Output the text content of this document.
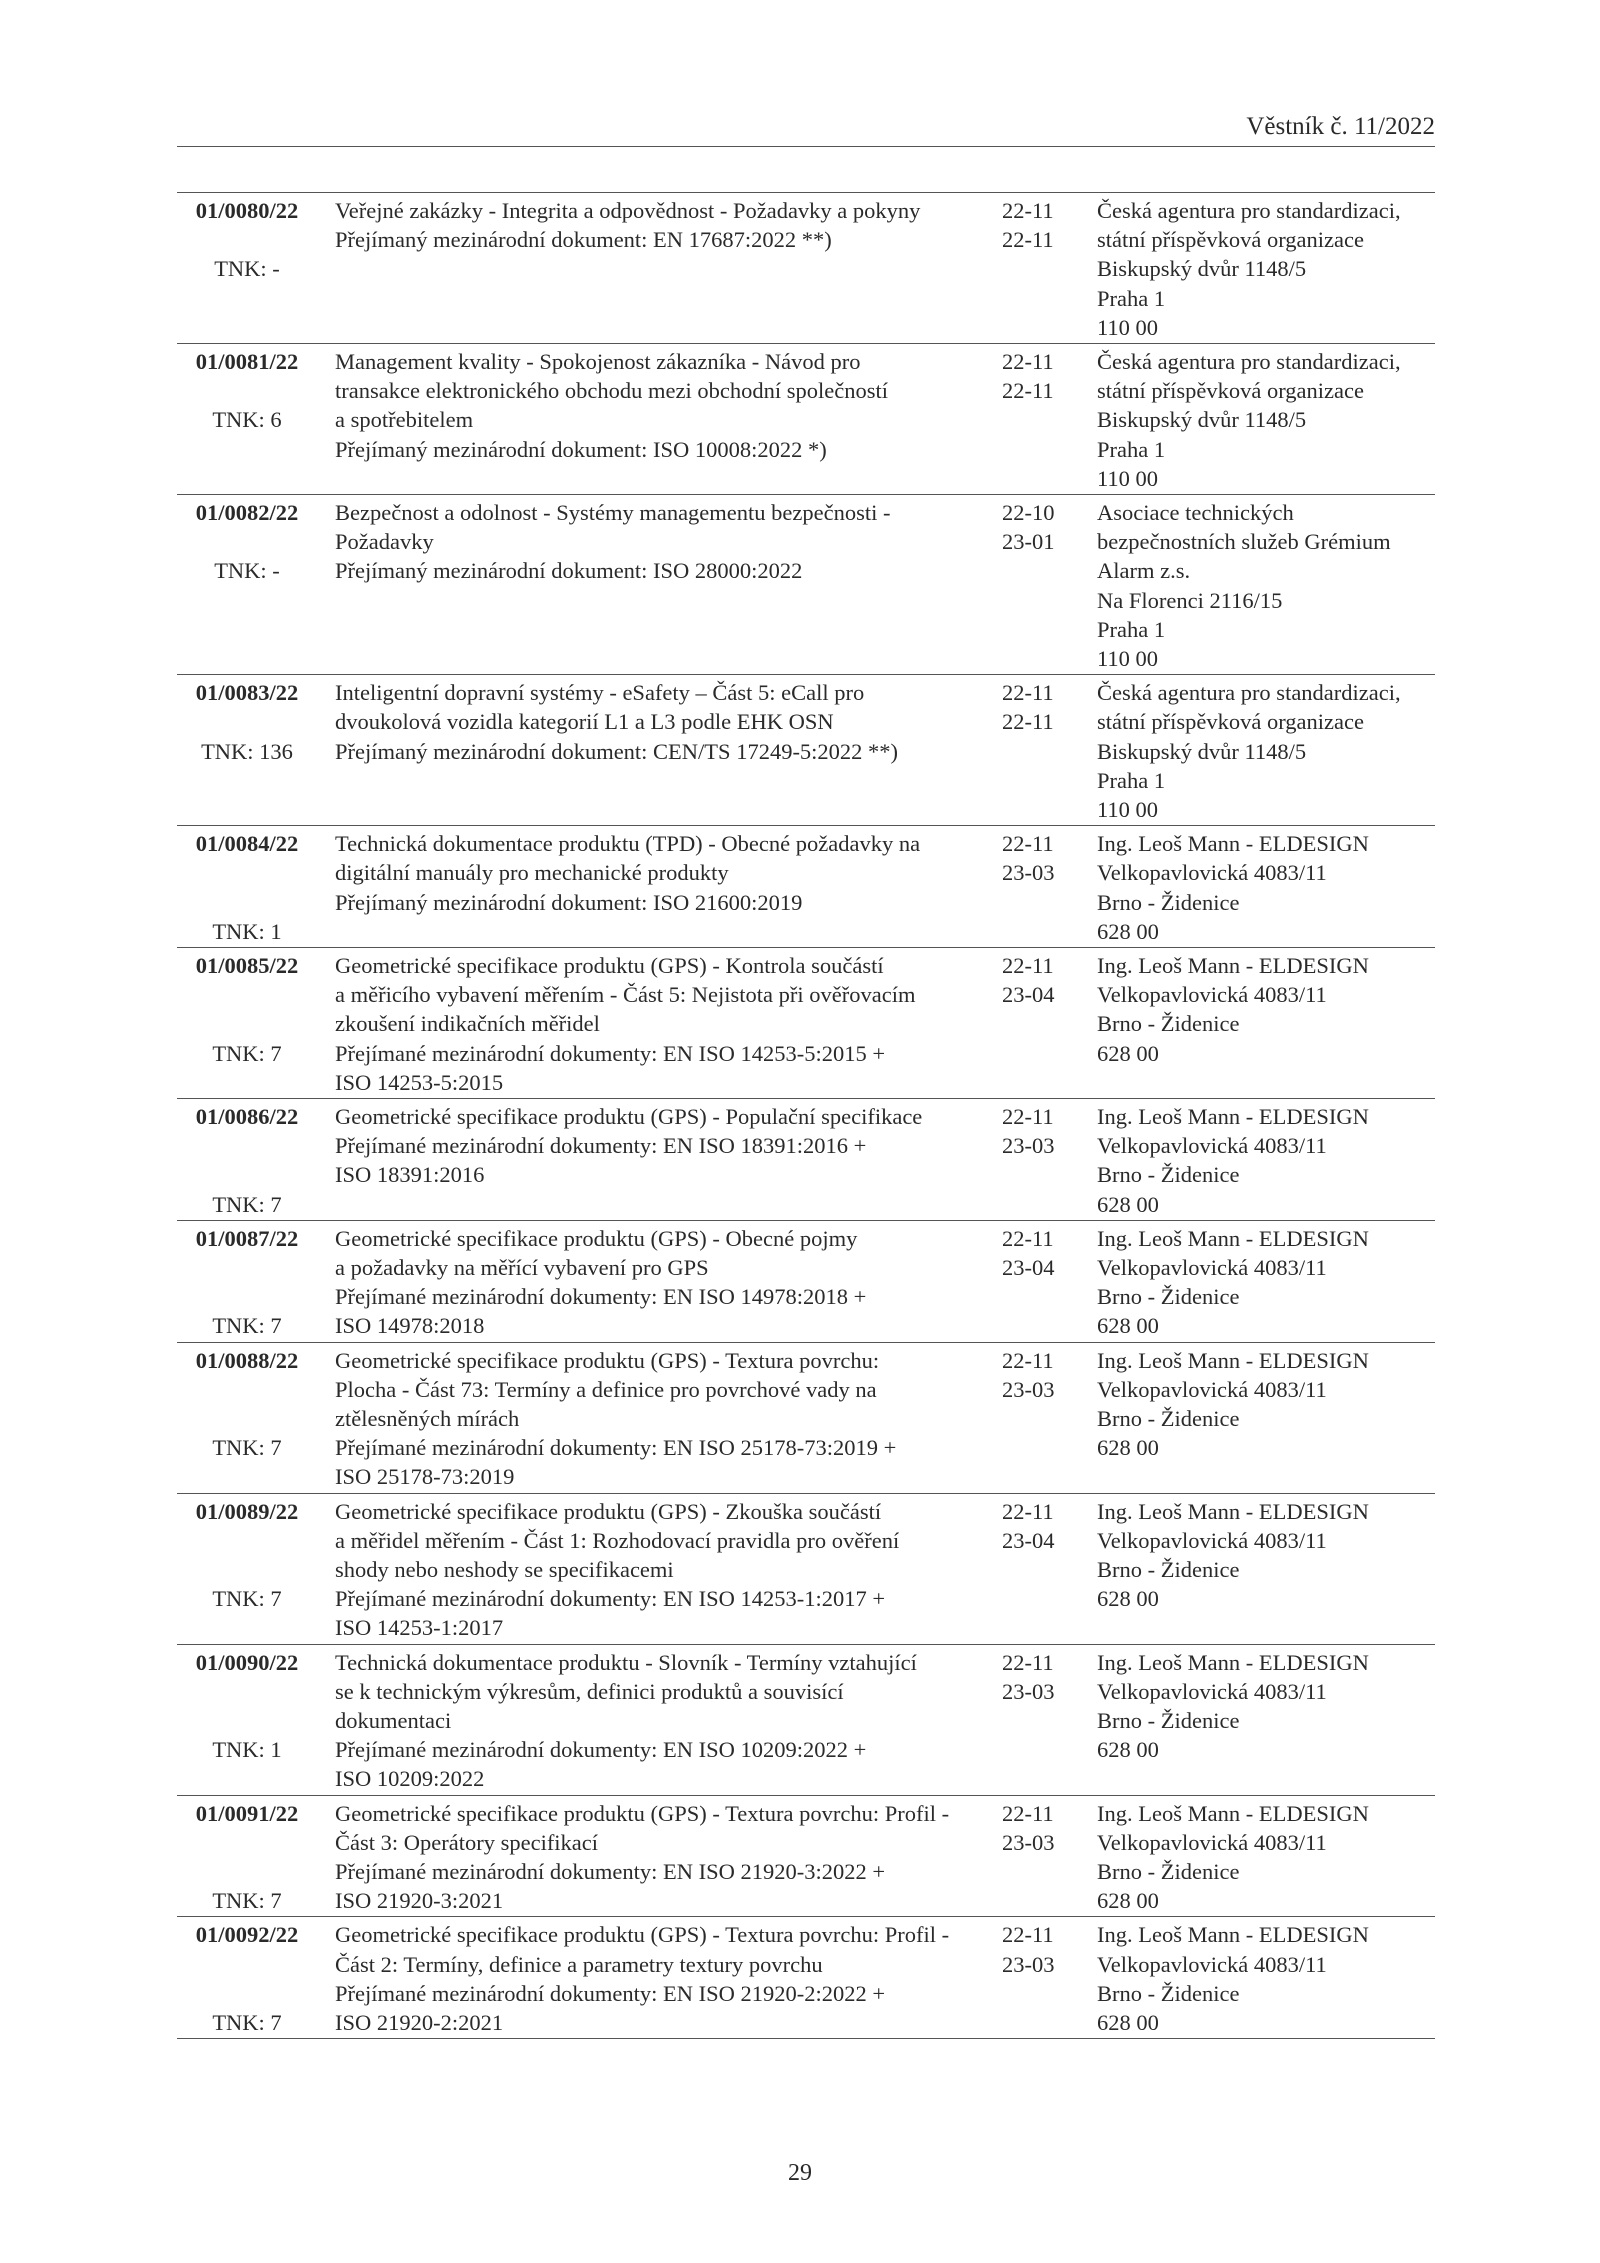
Věstník č. 11/2022
01/0080/22
TNK: -
Veřejné zakázky - Integrita a odpovědnost - Požadavky a pokyny
Přejímaný mezinárodní dokument: EN 17687:2022 **)
22-11
22-11
Česká agentura pro standardizaci,
státní příspěvková organizace
Biskupský dvůr 1148/5
Praha 1
110 00
01/0081/22
TNK: 6
Management kvality - Spokojenost zákazníka - Návod pro
transakce elektronického obchodu mezi obchodní společností
a spotřebitelem
Přejímaný mezinárodní dokument: ISO 10008:2022 *)
22-11
22-11
Česká agentura pro standardizaci,
státní příspěvková organizace
Biskupský dvůr 1148/5
Praha 1
110 00
01/0082/22
TNK: -
Bezpečnost a odolnost - Systémy managementu bezpečnosti -
Požadavky
Přejímaný mezinárodní dokument: ISO 28000:2022
22-10
23-01
Asociace technických
bezpečnostních služeb Grémium
Alarm z.s.
Na Florenci 2116/15
Praha 1
110 00
01/0083/22
TNK: 136
Inteligentní dopravní systémy - eSafety – Část 5: eCall pro
dvoukolová vozidla kategorií L1 a L3 podle EHK OSN
Přejímaný mezinárodní dokument: CEN/TS 17249-5:2022 **)
22-11
22-11
Česká agentura pro standardizaci,
státní příspěvková organizace
Biskupský dvůr 1148/5
Praha 1
110 00
01/0084/22
TNK: 1
Technická dokumentace produktu (TPD) - Obecné požadavky na
digitální manuály pro mechanické produkty
Přejímaný mezinárodní dokument: ISO 21600:2019
22-11
23-03
Ing. Leoš Mann - ELDESIGN
Velkopavlovická 4083/11
Brno - Židenice
628 00
01/0085/22
TNK: 7
Geometrické specifikace produktu (GPS) - Kontrola součástí
a měřicího vybavení měřením - Část 5: Nejistota při ověřovacím
zkoušení indikačních měřidel
Přejímané mezinárodní dokumenty: EN ISO 14253-5:2015 +
ISO 14253-5:2015
22-11
23-04
Ing. Leoš Mann - ELDESIGN
Velkopavlovická 4083/11
Brno - Židenice
628 00
01/0086/22
TNK: 7
Geometrické specifikace produktu (GPS) - Populační specifikace
Přejímané mezinárodní dokumenty: EN ISO 18391:2016 +
ISO 18391:2016
22-11
23-03
Ing. Leoš Mann - ELDESIGN
Velkopavlovická 4083/11
Brno - Židenice
628 00
01/0087/22
TNK: 7
Geometrické specifikace produktu (GPS) - Obecné pojmy
a požadavky na měřící vybavení pro GPS
Přejímané mezinárodní dokumenty: EN ISO 14978:2018 +
ISO 14978:2018
22-11
23-04
Ing. Leoš Mann - ELDESIGN
Velkopavlovická 4083/11
Brno - Židenice
628 00
01/0088/22
TNK: 7
Geometrické specifikace produktu (GPS) - Textura povrchu:
Plocha - Část 73: Termíny a definice pro povrchové vady na
ztělesněných mírách
Přejímané mezinárodní dokumenty: EN ISO 25178-73:2019 +
ISO 25178-73:2019
22-11
23-03
Ing. Leoš Mann - ELDESIGN
Velkopavlovická 4083/11
Brno - Židenice
628 00
01/0089/22
TNK: 7
Geometrické specifikace produktu (GPS) - Zkouška součástí
a měřidel měřením - Část 1: Rozhodovací pravidla pro ověření
shody nebo neshody se specifikacemi
Přejímané mezinárodní dokumenty: EN ISO 14253-1:2017 +
ISO 14253-1:2017
22-11
23-04
Ing. Leoš Mann - ELDESIGN
Velkopavlovická 4083/11
Brno - Židenice
628 00
01/0090/22
TNK: 1
Technická dokumentace produktu - Slovník - Termíny vztahující
se k technickým výkresům, definici produktů a souvisící
dokumentaci
Přejímané mezinárodní dokumenty: EN ISO 10209:2022 +
ISO 10209:2022
22-11
23-03
Ing. Leoš Mann - ELDESIGN
Velkopavlovická 4083/11
Brno - Židenice
628 00
01/0091/22
TNK: 7
Geometrické specifikace produktu (GPS) - Textura povrchu: Profil -
Část 3: Operátory specifikací
Přejímané mezinárodní dokumenty: EN ISO 21920-3:2022 +
ISO 21920-3:2021
22-11
23-03
Ing. Leoš Mann - ELDESIGN
Velkopavlovická 4083/11
Brno - Židenice
628 00
01/0092/22
TNK: 7
Geometrické specifikace produktu (GPS) - Textura povrchu: Profil -
Část 2: Termíny, definice a parametry textury povrchu
Přejímané mezinárodní dokumenty: EN ISO 21920-2:2022 +
ISO 21920-2:2021
22-11
23-03
Ing. Leoš Mann - ELDESIGN
Velkopavlovická 4083/11
Brno - Židenice
628 00
29
